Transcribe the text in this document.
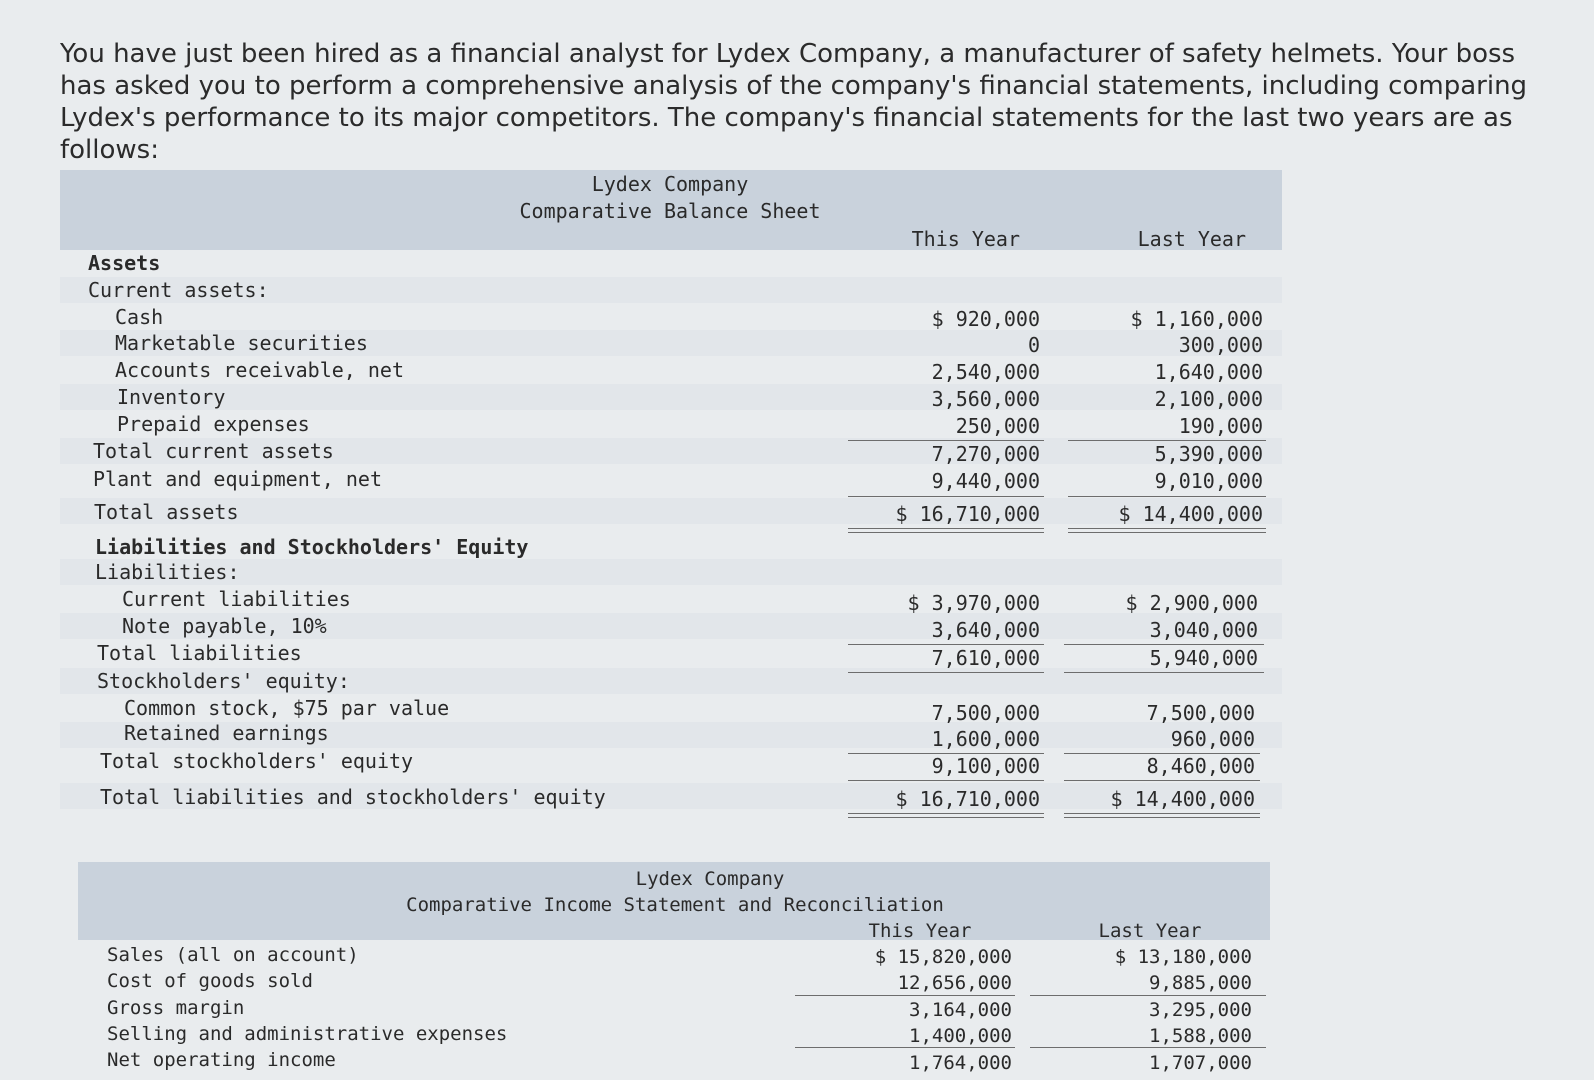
You have just been hired as a financial analyst for Lydex Company, a manufacturer of safety helmets. Your boss has asked you to perform a comprehensive analysis of the company's financial statements, including comparing Lydex's performance to its major competitors. The company's financial statements for the last two years are as follows:

Lydex Company
Comparative Balance Sheet
This Year	Last Year
Assets
Current assets:
Cash
Marketable securities
Accounts receivable, net
Inventory
Prepaid expenses
Total current assets
Plant and equipment, net
Total assets
Liabilities and Stockholders' Equity
Liabilities:
Current liabilities
Note payable, 10%
Total liabilities
Stockholders' equity:
Common stock, $75 par value
Retained earnings
Total stockholders' equity
Total liabilities and stockholders' equity
$ 920,000
0
2,540,000
3,560,000
250,000
7,270,000
9,440,000
$ 16,710,000
$ 3,970,000
3,640,000
7,610,000
7,500,000
1,600,000
9,100,000
$ 16,710,000
$ 1,160,000
300,000
1,640,000
2,100,000
190,000
5,390,000
9,010,000
$ 14,400,000
$ 2,900,000
3,040,000
5,940,000
7,500,000
960,000
8,460,000
$ 14,400,000
Lydex Company
Comparative Income Statement and Reconciliation
This Year	Last Year
Sales (all on account)
Cost of goods sold
Gross margin
Selling and administrative expenses
Net operating income
$ 15,820,000
12,656,000
3,164,000
1,400,000
1,764,000
$ 13,180,000
9,885,000
3,295,000
1,588,000
1,707,000
